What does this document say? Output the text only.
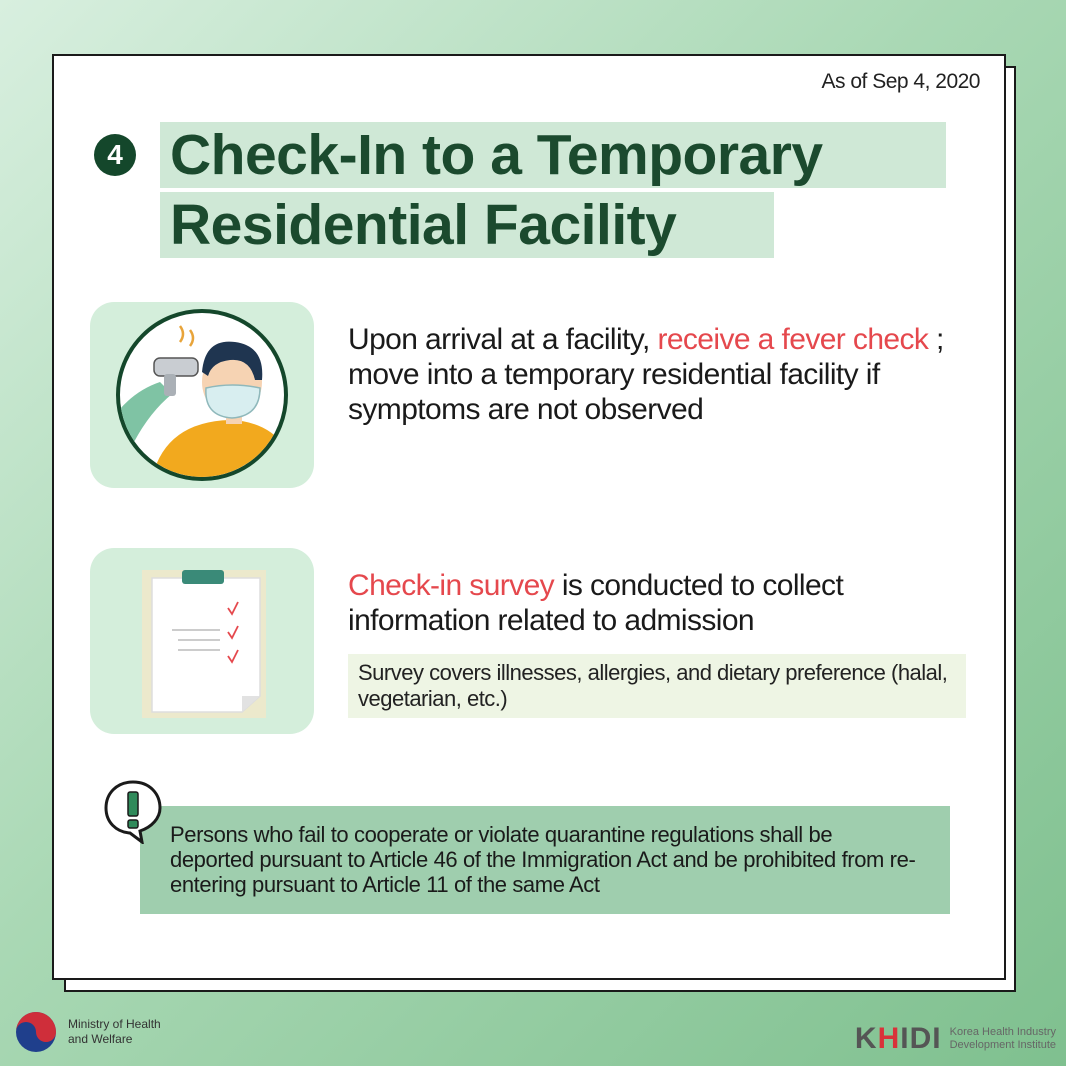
As of Sep 4, 2020
4 Check-In to a Temporary
Residential Facility
Upon arrival at a facility, receive a fever check ; move into a temporary residential facility if symptoms are not observed
Check-in survey is conducted to collect information related to admission
Survey covers illnesses, allergies, and dietary preference (halal, vegetarian, etc.)
Persons who fail to cooperate or violate quarantine regulations shall be deported pursuant to Article 46 of the Immigration Act and be prohibited from re-entering pursuant to Article 11 of the same Act
Ministry of Health
and Welfare	KHIDI Korea Health Industry
Development Institute
